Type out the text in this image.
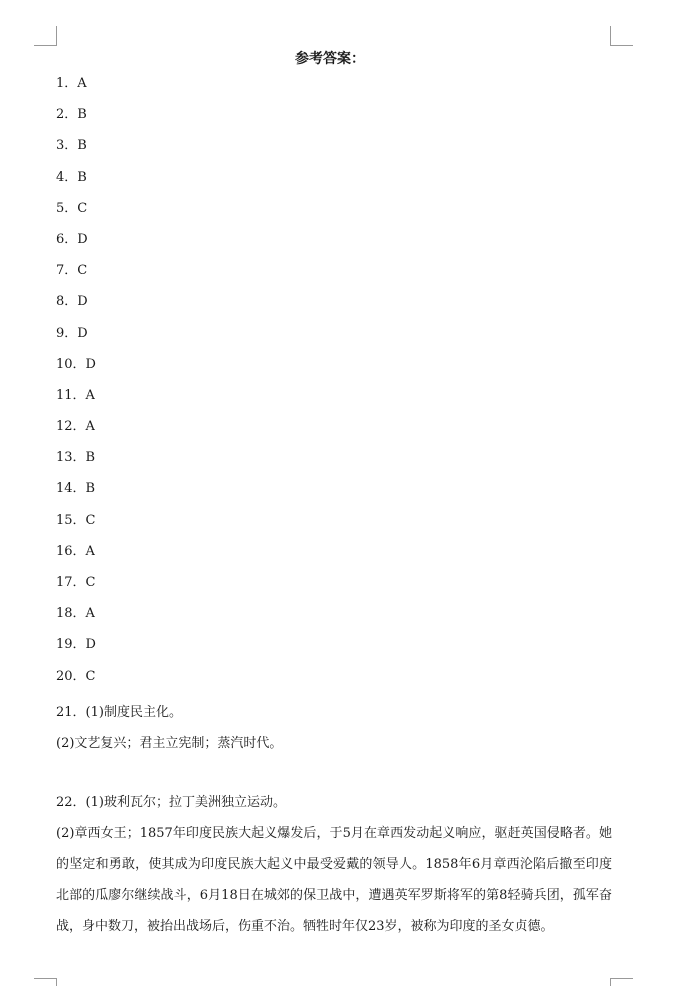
参考答案：
1．A
2．B
3．B
4．B
5．C
6．D
7．C
8．D
9．D
10．D
11．A
12．A
13．B
14．B
15．C
16．A
17．C
18．A
19．D
20．C
21．(1)制度民主化。
(2)文艺复兴；君主立宪制；蒸汽时代。
22．(1)玻利瓦尔；拉丁美洲独立运动。
(2)章西女王；1857年印度民族大起义爆发后，于5月在章西发动起义响应，驱赶英国侵略者。她的坚定和勇敢，使其成为印度民族大起义中最受爱戴的领导人。1858年6月章西沦陷后撤至印度北部的瓜廖尔继续战斗，6月18日在城郊的保卫战中，遭遇英军罗斯将军的第8轻骑兵团，孤军奋战，身中数刀，被抬出战场后，伤重不治。牺牲时年仅23岁，被称为印度的圣女贞德。
